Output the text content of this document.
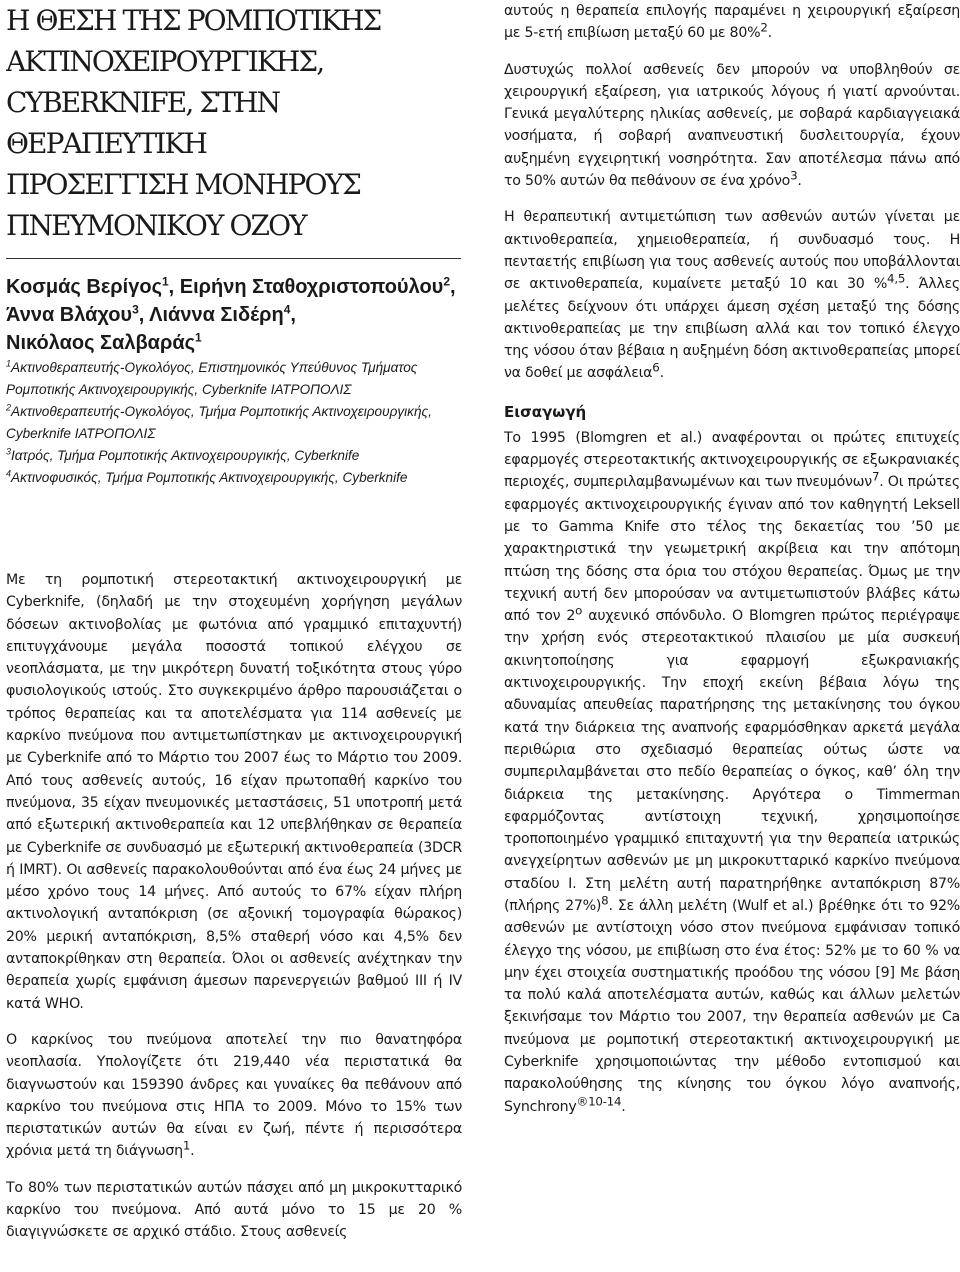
Η ΘΕΣΗ ΤΗΣ ΡΟΜΠΟΤΙΚΗΣ
ΑΚΤΙΝΟΧΕΙΡΟΥΡΓΙΚΗΣ,
CYBERKNIFE, ΣΤΗΝ ΘΕΡΑΠΕΥΤΙΚΗ
ΠΡΟΣΕΓΓΙΣΗ ΜΟΝΗΡΟΥΣ
ΠΝΕΥΜΟΝΙΚΟΥ ΟΖΟΥ
Κοσμάς Βερίγος$^1$, Ειρήνη Σταθοχριστοπούλου$^2$,
Άννα Βλάχου$^3$, Λιάννα Σιδέρη$^4$,
Νικόλαος Σαλβαράς$^1$
$^1$Ακτινοθεραπευτής-Ογκολόγος, Επιστημονικός Υπεύθυνος Τμήματος Ρομποτικής Ακτινοχειρουργικής, Cyberknife ΙΑΤΡΟΠΟΛΙΣ
$^2$Ακτινοθεραπευτής-Ογκολόγος, Τμήμα Ρομποτικής Ακτινοχειρουργικής, Cyberknife ΙΑΤΡΟΠΟΛΙΣ
$^3$Ιατρός, Τμήμα Ρομποτικής Ακτινοχειρουργικής, Cyberknife
$^4$Ακτινοφυσικός, Τμήμα Ρομποτικής Ακτινοχειρουργικής, Cyberknife

Με τη ρομποτική στερεοτακτική ακτινοχειρουργική με Cyberknife, (δηλαδή με την στοχευμένη χορήγηση μεγάλων δόσεων ακτινοβολίας με φωτόνια από γραμμικό επιταχυντή) επιτυγχάνουμε μεγάλα ποσοστά τοπικού ελέγχου σε νεοπλάσματα, με την μικρότερη δυνατή τοξικότητα στους γύρο φυσιολογικούς ιστούς. Στο συγκεκριμένο άρθρο παρουσιάζεται ο τρόπος θεραπείας και τα αποτελέσματα για 114 ασθενείς με καρκίνο πνεύμονα που αντιμετωπίστηκαν με ακτινοχειρουργική με Cyberknife από το Μάρτιο του 2007 έως το Μάρτιο του 2009. Από τους ασθενείς αυτούς, 16 είχαν πρωτοπαθή καρκίνο του πνεύμονα, 35 είχαν πνευμονικές μεταστάσεις, 51 υποτροπή μετά από εξωτερική ακτινοθεραπεία και 12 υπεβλήθηκαν σε θεραπεία με Cyberknife σε συνδυασμό με εξωτερική ακτινοθεραπεία (3DCR ή IMRT). Οι ασθενείς παρακολουθούνται από ένα έως 24 μήνες με μέσο χρόνο τους 14 μήνες. Από αυτούς το 67% είχαν πλήρη ακτινολογική ανταπόκριση (σε αξονική τομογραφία θώρακος) 20% μερική ανταπόκριση, 8,5% σταθερή νόσο και 4,5% δεν ανταποκρίθηκαν στη θεραπεία. Όλοι οι ασθενείς ανέχτηκαν την θεραπεία χωρίς εμφάνιση άμεσων παρενεργειών βαθμού III ή IV κατά WHO.

Ο καρκίνος του πνεύμονα αποτελεί την πιο θανατηφόρα νεοπλασία. Υπολογίζετε ότι 219,440 νέα περιστατικά θα διαγνωστούν και 159390 άνδρες και γυναίκες θα πεθάνουν από καρκίνο του πνεύμονα στις ΗΠΑ το 2009. Μόνο το 15% των περιστατικών αυτών θα είναι εν ζωή, πέντε ή περισσότερα χρόνια μετά τη διάγνωση$^1$.

Το 80% των περιστατικών αυτών πάσχει από μη μικροκυτταρικό καρκίνο του πνεύμονα. Από αυτά μόνο το 15 με 20 % διαγιγνώσκετε σε αρχικό στάδιο. Στους ασθενείς

αυτούς η θεραπεία επιλογής παραμένει η χειρουργική εξαίρεση με 5-ετή επιβίωση μεταξύ 60 με 80%$^2$.

Δυστυχώς πολλοί ασθενείς δεν μπορούν να υποβληθούν σε χειρουργική εξαίρεση, για ιατρικούς λόγους ή γιατί αρνούνται. Γενικά μεγαλύτερης ηλικίας ασθενείς, με σοβαρά καρδιαγγειακά νοσήματα, ή σοβαρή αναπνευστική δυσλειτουργία, έχουν αυξημένη εγχειρητική νοσηρότητα. Σαν αποτέλεσμα πάνω από το 50% αυτών θα πεθάνουν σε ένα χρόνο$^3$.

Η θεραπευτική αντιμετώπιση των ασθενών αυτών γίνεται με ακτινοθεραπεία, χημειοθεραπεία, ή συνδυασμό τους. Η πενταετής επιβίωση για τους ασθενείς αυτούς που υποβάλλονται σε ακτινοθεραπεία, κυμαίνετε μεταξύ 10 και 30 %$^{4,5}$. Άλλες μελέτες δείχνουν ότι υπάρχει άμεση σχέση μεταξύ της δόσης ακτινοθεραπείας με την επιβίωση αλλά και τον τοπικό έλεγχο της νόσου όταν βέβαια η αυξημένη δόση ακτινοθεραπείας μπορεί να δοθεί με ασφάλεια$^6$.

Εισαγωγή

Το 1995 (Blomgren et al.) αναφέρονται οι πρώτες επιτυχείς εφαρμογές στερεοτακτικής ακτινοχειρουργικής σε εξωκρανιακές περιοχές, συμπεριλαμβανωμένων και των πνευμόνων$^7$. Οι πρώτες εφαρμογές ακτινοχειρουργικής έγιναν από τον καθηγητή Leksell με το Gamma Knife στο τέλος της δεκαετίας του ’50 με χαρακτηριστικά την γεωμετρική ακρίβεια και την απότομη πτώση της δόσης στα όρια του στόχου θεραπείας. Όμως με την τεχνική αυτή δεν μπορούσαν να αντιμετωπιστούν βλάβες κάτω από τον $2^o$ αυχενικό σπόνδυλο. Ο Blomgren πρώτος περιέγραψε την χρήση ενός στερεοτακτικού πλαισίου με μία συσκευή ακινητοποίησης για εφαρμογή εξωκρανιακής ακτινοχειρουργικής. Την εποχή εκείνη βέβαια λόγω της αδυναμίας απευθείας παρατήρησης της μετακίνησης του όγκου κατά την διάρκεια της αναπνοής εφαρμόσθηκαν αρκετά μεγάλα περιθώρια στο σχεδιασμό θεραπείας ούτως ώστε να συμπεριλαμβάνεται στο πεδίο θεραπείας ο όγκος, καθ’ όλη την διάρκεια της μετακίνησης. Αργότερα ο Timmerman εφαρμόζοντας αντίστοιχη τεχνική, χρησιμοποίησε τροποποιημένο γραμμικό επιταχυντή για την θεραπεία ιατρικώς ανεγχείρητων ασθενών με μη μικροκυτταρικό καρκίνο πνεύμονα σταδίου Ι. Στη μελέτη αυτή παρατηρήθηκε ανταπόκριση 87% (πλήρης 27%)$^8$. Σε άλλη μελέτη (Wulf et al.) βρέθηκε ότι το 92% ασθενών με αντίστοιχη νόσο στον πνεύμονα εμφάνισαν τοπικό έλεγχο της νόσου, με επιβίωση στο ένα έτος: 52% με το 60 % να μην έχει στοιχεία συστηματικής προόδου της νόσου [9] Με βάση τα πολύ καλά αποτελέσματα αυτών, καθώς και άλλων μελετών ξεκινήσαμε τον Μάρτιο του 2007, την θεραπεία ασθενών με Ca πνεύμονα με ρομποτική στερεοτακτική ακτινοχειρουργική με Cyberknife χρησιμοποιώντας την μέθοδο εντοπισμού και παρακολούθησης της κίνησης του όγκου λόγο αναπνοής, Synchrony$^{®10-14}$.
